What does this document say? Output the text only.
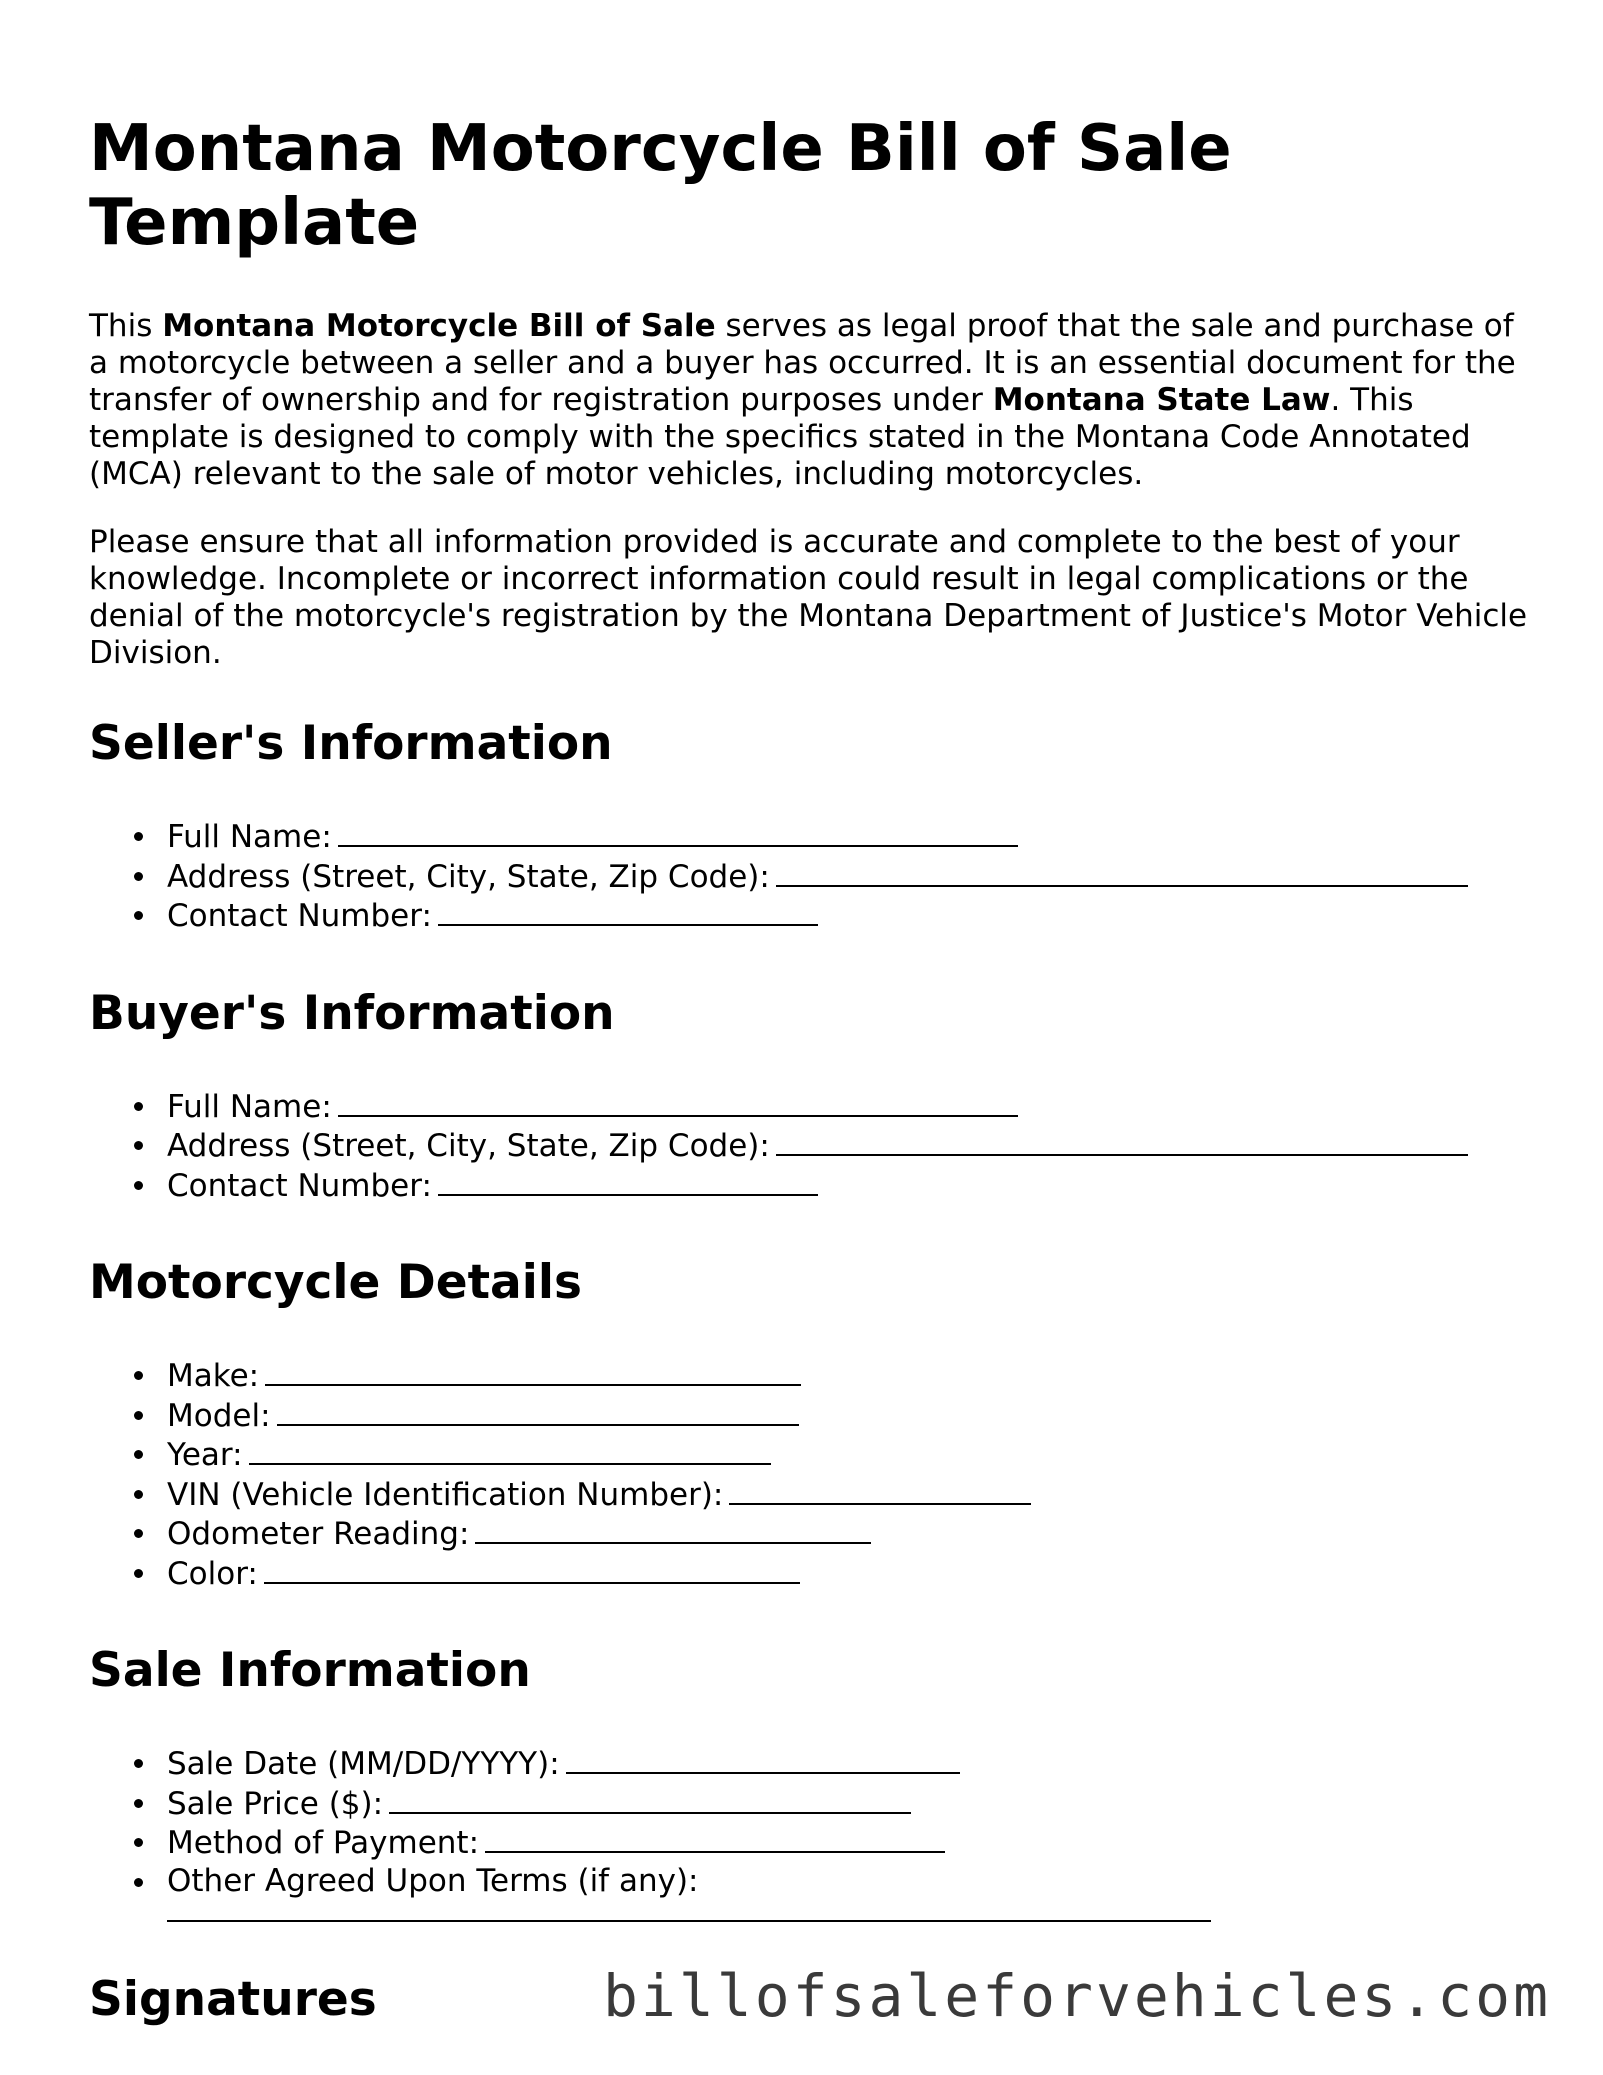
Montana Motorcycle Bill of Sale Template

This Montana Motorcycle Bill of Sale serves as legal proof that the sale and purchase of a motorcycle between a seller and a buyer has occurred. It is an essential document for the transfer of ownership and for registration purposes under Montana State Law. This template is designed to comply with the specifics stated in the Montana Code Annotated (MCA) relevant to the sale of motor vehicles, including motorcycles.

Please ensure that all information provided is accurate and complete to the best of your knowledge. Incomplete or incorrect information could result in legal complications or the denial of the motorcycle's registration by the Montana Department of Justice's Motor Vehicle Division.

Seller's Information
Full Name:
Address (Street, City, State, Zip Code):
Contact Number:
Buyer's Information
Full Name:
Address (Street, City, State, Zip Code):
Contact Number:
Motorcycle Details
Make:
Model:
Year:
VIN (Vehicle Identification Number):
Odometer Reading:
Color:
Sale Information
Sale Date (MM/DD/YYYY):
Sale Price ($):
Method of Payment:
Other Agreed Upon Terms (if any):
Signatures	billofsaleforvehicles.com
